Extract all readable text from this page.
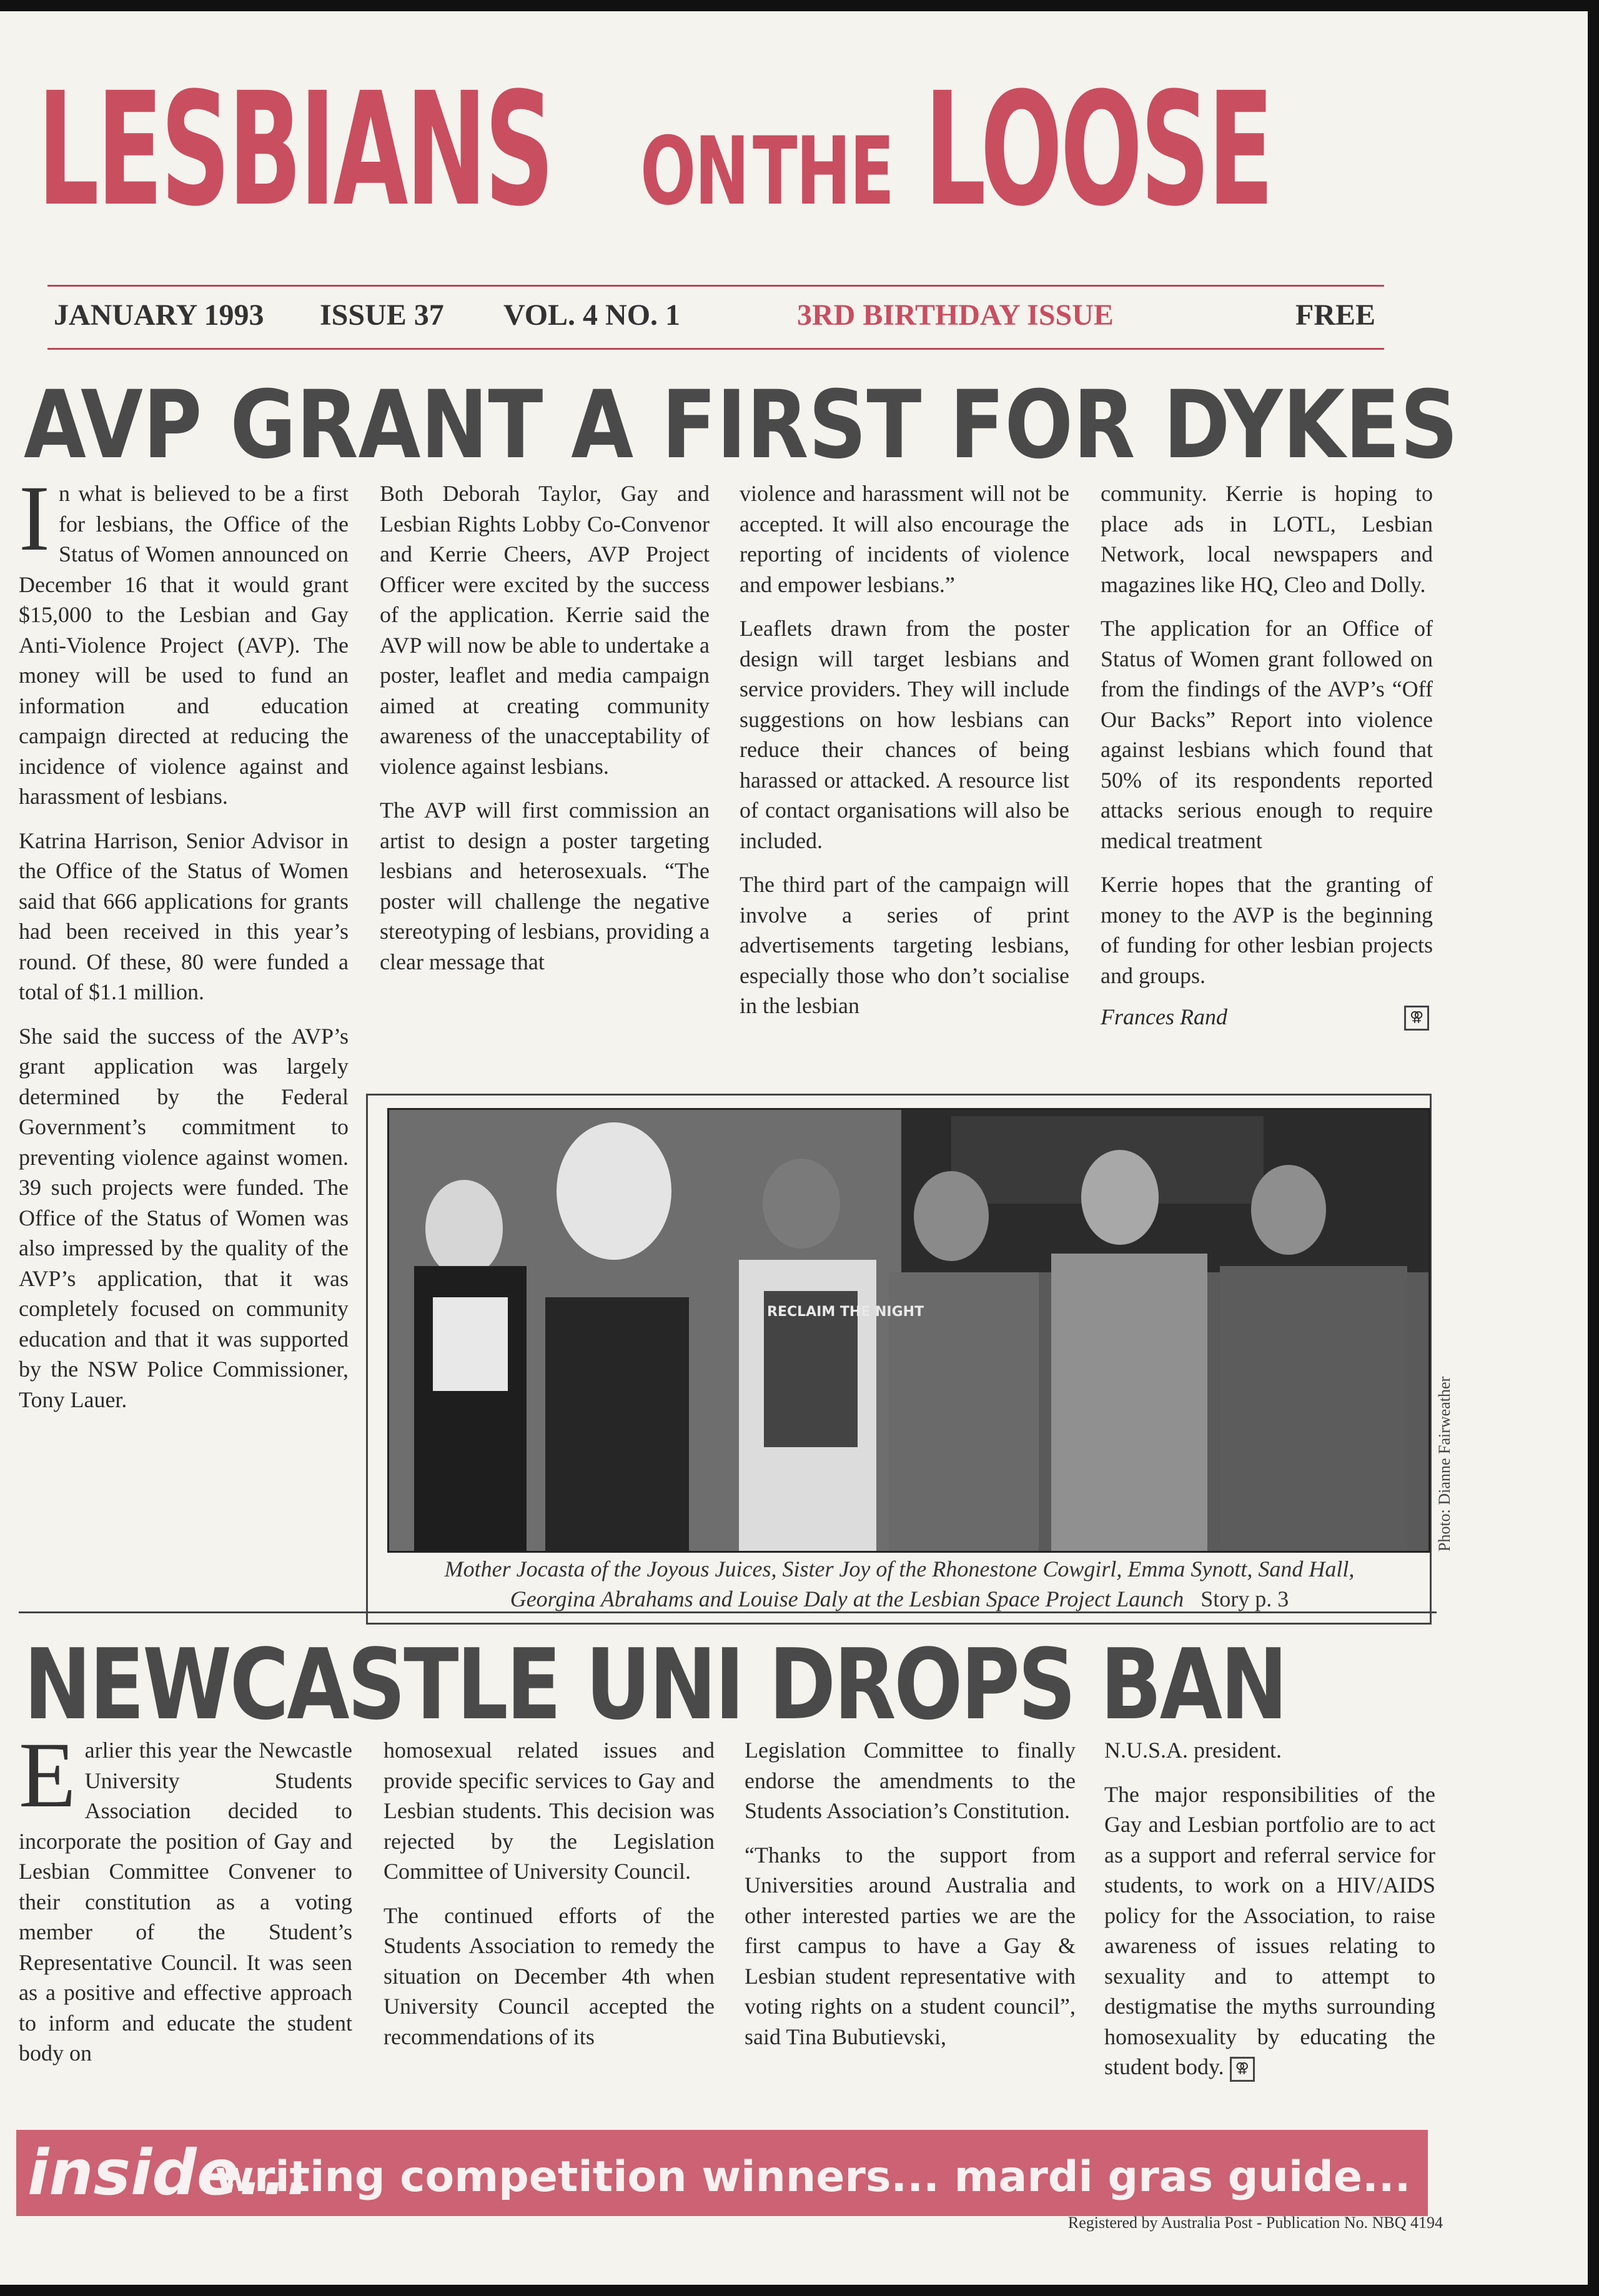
LESBIANS ON THE LOOSE
JANUARY 1993 ISSUE 37 VOL. 4 NO. 1	3RD BIRTHDAY ISSUE	FREE
AVP GRANT A FIRST FOR DYKES

In what is believed to be a first for lesbians, the Office of the Status of Women announced on December 16 that it would grant $15,000 to the Lesbian and Gay Anti-Violence Project (AVP). The money will be used to fund an information and education campaign directed at reducing the incidence of violence against and harassment of lesbians.

Katrina Harrison, Senior Advisor in the Office of the Status of Women said that 666 applications for grants had been received in this year’s round. Of these, 80 were funded a total of $1.1 million.

She said the success of the AVP’s grant application was largely determined by the Federal Government’s commitment to preventing violence against women. 39 such projects were funded. The Office of the Status of Women was also impressed by the quality of the AVP’s application, that it was completely focused on community education and that it was supported by the NSW Police Commissioner, Tony Lauer.

Both Deborah Taylor, Gay and Lesbian Rights Lobby Co-Convenor and Kerrie Cheers, AVP Project Officer were excited by the success of the application. Kerrie said the AVP will now be able to undertake a poster, leaflet and media campaign aimed at creating community awareness of the unacceptability of violence against lesbians.

The AVP will first commission an artist to design a poster targeting lesbians and heterosexuals. “The poster will challenge the negative stereotyping of lesbians, providing a clear message that

violence and harassment will not be accepted. It will also encourage the reporting of incidents of violence and empower lesbians.”

Leaflets drawn from the poster design will target lesbians and service providers. They will include suggestions on how lesbians can reduce their chances of being harassed or attacked. A resource list of contact organisations will also be included.

The third part of the campaign will involve a series of print advertisements targeting lesbians, especially those who don’t socialise in the lesbian

community. Kerrie is hoping to place ads in LOTL, Lesbian Network, local newspapers and magazines like HQ, Cleo and Dolly.

The application for an Office of Status of Women grant followed on from the findings of the AVP’s “Off Our Backs” Report into violence against lesbians which found that 50% of its respondents reported attacks serious enough to require medical treatment

Kerrie hopes that the granting of money to the AVP is the beginning of funding for other lesbian projects and groups.

Frances Rand	⚢

RECLAIM THE NIGHT
Mother Jocasta of the Joyous Juices, Sister Joy of the Rhonestone Cowgirl, Emma Synott, Sand Hall,
Georgina Abrahams and Louise Daly at the Lesbian Space Project Launch Story p. 3
Photo: Dianne Fairweather
NEWCASTLE UNI DROPS BAN

Earlier this year the Newcastle University Students Association decided to incorporate the position of Gay and Lesbian Committee Convener to their constitution as a voting member of the Student’s Representative Council. It was seen as a positive and effective approach to inform and educate the student body on

homosexual related issues and provide specific services to Gay and Lesbian students. This decision was rejected by the Legislation Committee of University Council.

The continued efforts of the Students Association to remedy the situation on December 4th when University Council accepted the recommendations of its

Legislation Committee to finally endorse the amendments to the Students Association’s Constitution.

“Thanks to the support from Universities around Australia and other interested parties we are the first campus to have a Gay & Lesbian student representative with voting rights on a student council”, said Tina Bubutievski,

N.U.S.A. president.

The major responsibilities of the Gay and Lesbian portfolio are to act as a support and referral service for students, to work on a HIV/AIDS policy for the Association, to raise awareness of issues relating to sexuality and to attempt to destigmatise the myths surrounding homosexuality by educating the student body. ⚢

inside...
writing competition winners... mardi gras guide...
Registered by Australia Post - Publication No. NBQ 4194
